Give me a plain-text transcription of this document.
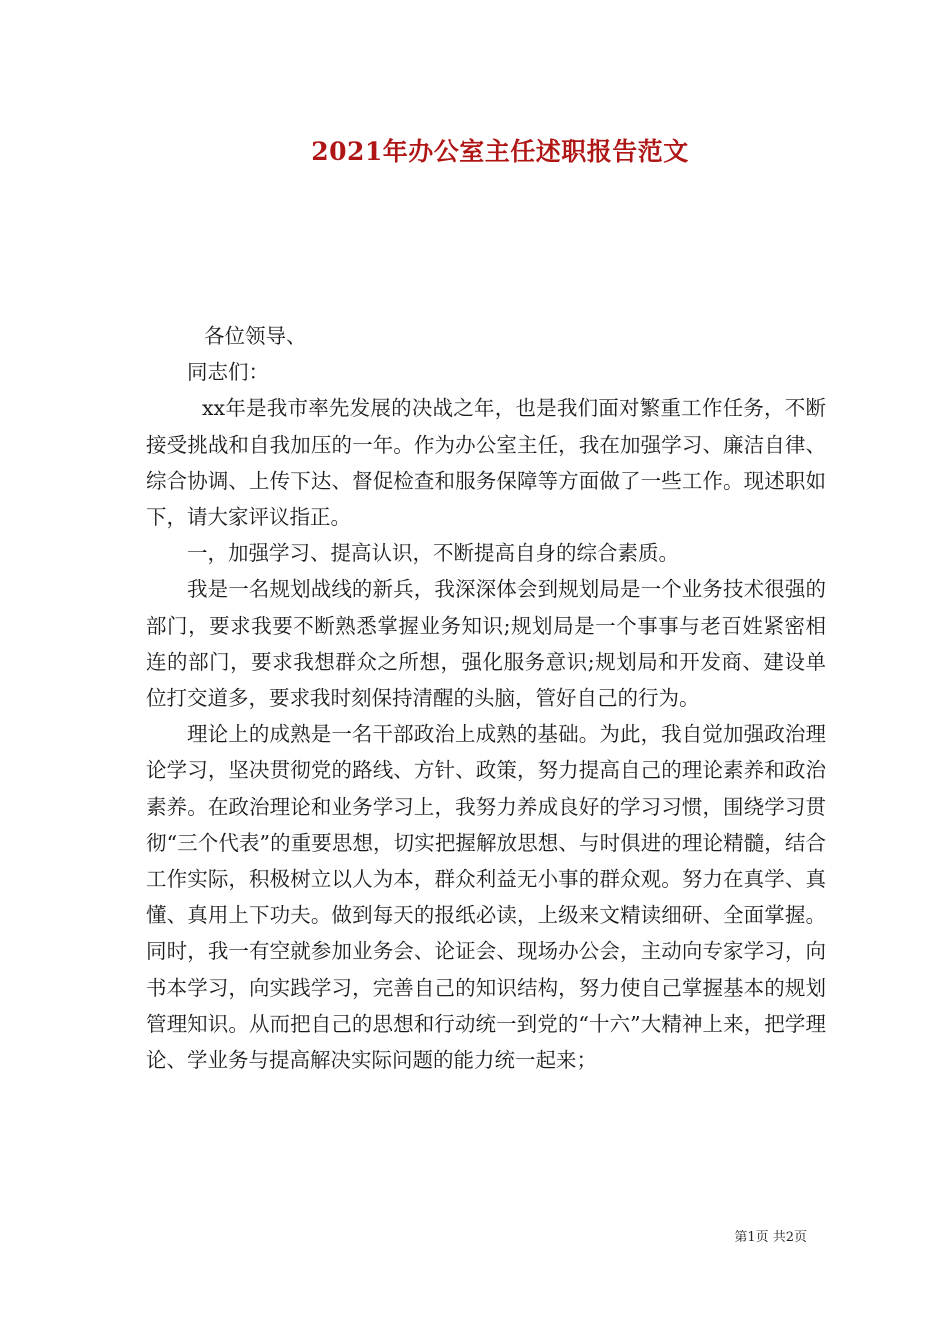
2021年办公室主任述职报告范文

各位领导、

同志们：

xx年是我市率先发展的决战之年，也是我们面对繁重工作任务，不断接受挑战和自我加压的一年。作为办公室主任，我在加强学习、廉洁自律、综合协调、上传下达、督促检查和服务保障等方面做了一些工作。现述职如下，请大家评议指正。

一，加强学习、提高认识，不断提高自身的综合素质。

我是一名规划战线的新兵，我深深体会到规划局是一个业务技术很强的部门，要求我要不断熟悉掌握业务知识;规划局是一个事事与老百姓紧密相连的部门，要求我想群众之所想，强化服务意识;规划局和开发商、建设单位打交道多，要求我时刻保持清醒的头脑，管好自己的行为。

理论上的成熟是一名干部政治上成熟的基础。为此，我自觉加强政治理论学习，坚决贯彻党的路线、方针、政策，努力提高自己的理论素养和政治素养。在政治理论和业务学习上，我努力养成良好的学习习惯，围绕学习贯彻“三个代表”的重要思想，切实把握解放思想、与时俱进的理论精髓，结合工作实际，积极树立以人为本，群众利益无小事的群众观。努力在真学、真懂、真用上下功夫。做到每天的报纸必读，上级来文精读细研、全面掌握。同时，我一有空就参加业务会、论证会、现场办公会，主动向专家学习，向书本学习，向实践学习，完善自己的知识结构，努力使自己掌握基本的规划管理知识。从而把自己的思想和行动统一到党的“十六”大精神上来，把学理论、学业务与提高解决实际问题的能力统一起来；

第1页 共2页
